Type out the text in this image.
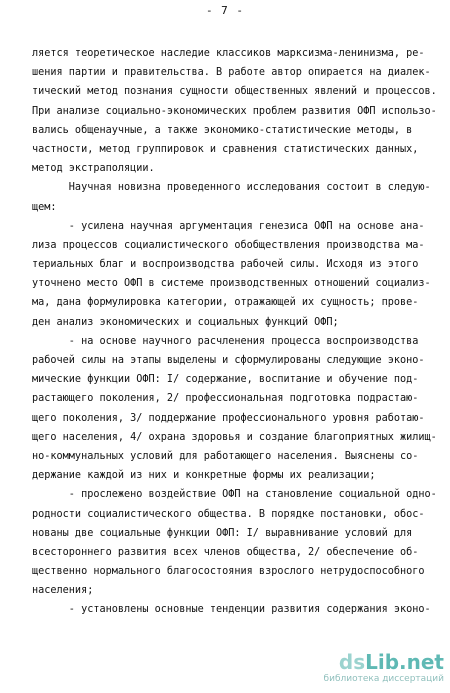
- 7 -
ляется теоретическое наследие классиков марксизма-ленинизма, ре-
шения партии и правительства. В работе автор опирается на диалек-
тический метод познания сущности общественных явлений и процессов.
При анализе социально-экономических проблем развития ОФП использо-
вались общенаучные, а также экономико-статистические методы, в
частности, метод группировок и сравнения статистических данных,
метод экстраполяции.
Научная новизна проведенного исследования состоит в следую-
щем:
- усилена научная аргументация генезиса ОФП на основе ана-
лиза процессов социалистического обобществления производства ма-
териальных благ и воспроизводства рабочей силы. Исходя из этого
уточнено место ОФП в системе производственных отношений социализ-
ма, дана формулировка категории, отражающей их сущность; прове-
ден анализ экономических и социальных функций ОФП;
- на основе научного расчленения процесса воспроизводства
рабочей силы на этапы выделены и сформулированы следующие эконо-
мические функции ОФП: I/ содержание, воспитание и обучение под-
растающего поколения, 2/ профессиональная подготовка подрастаю-
щего поколения, 3/ поддержание профессионального уровня работаю-
щего населения, 4/ охрана здоровья и создание благоприятных жилищ-
но-коммунальных условий для работающего населения. Выяснены со-
держание каждой из них и конкретные формы их реализации;
- прослежено воздействие ОФП на становление социальной одно-
родности социалистического общества. В порядке постановки, обос-
нованы две социальные функции ОФП: I/ выравнивание условий для
всестороннего развития всех членов общества, 2/ обеспечение об-
щественно нормального благосостояния взрослого нетрудоспособного
населения;
- установлены основные тенденции развития содержания эконо-
dsLib.net
библиотека диссертаций
